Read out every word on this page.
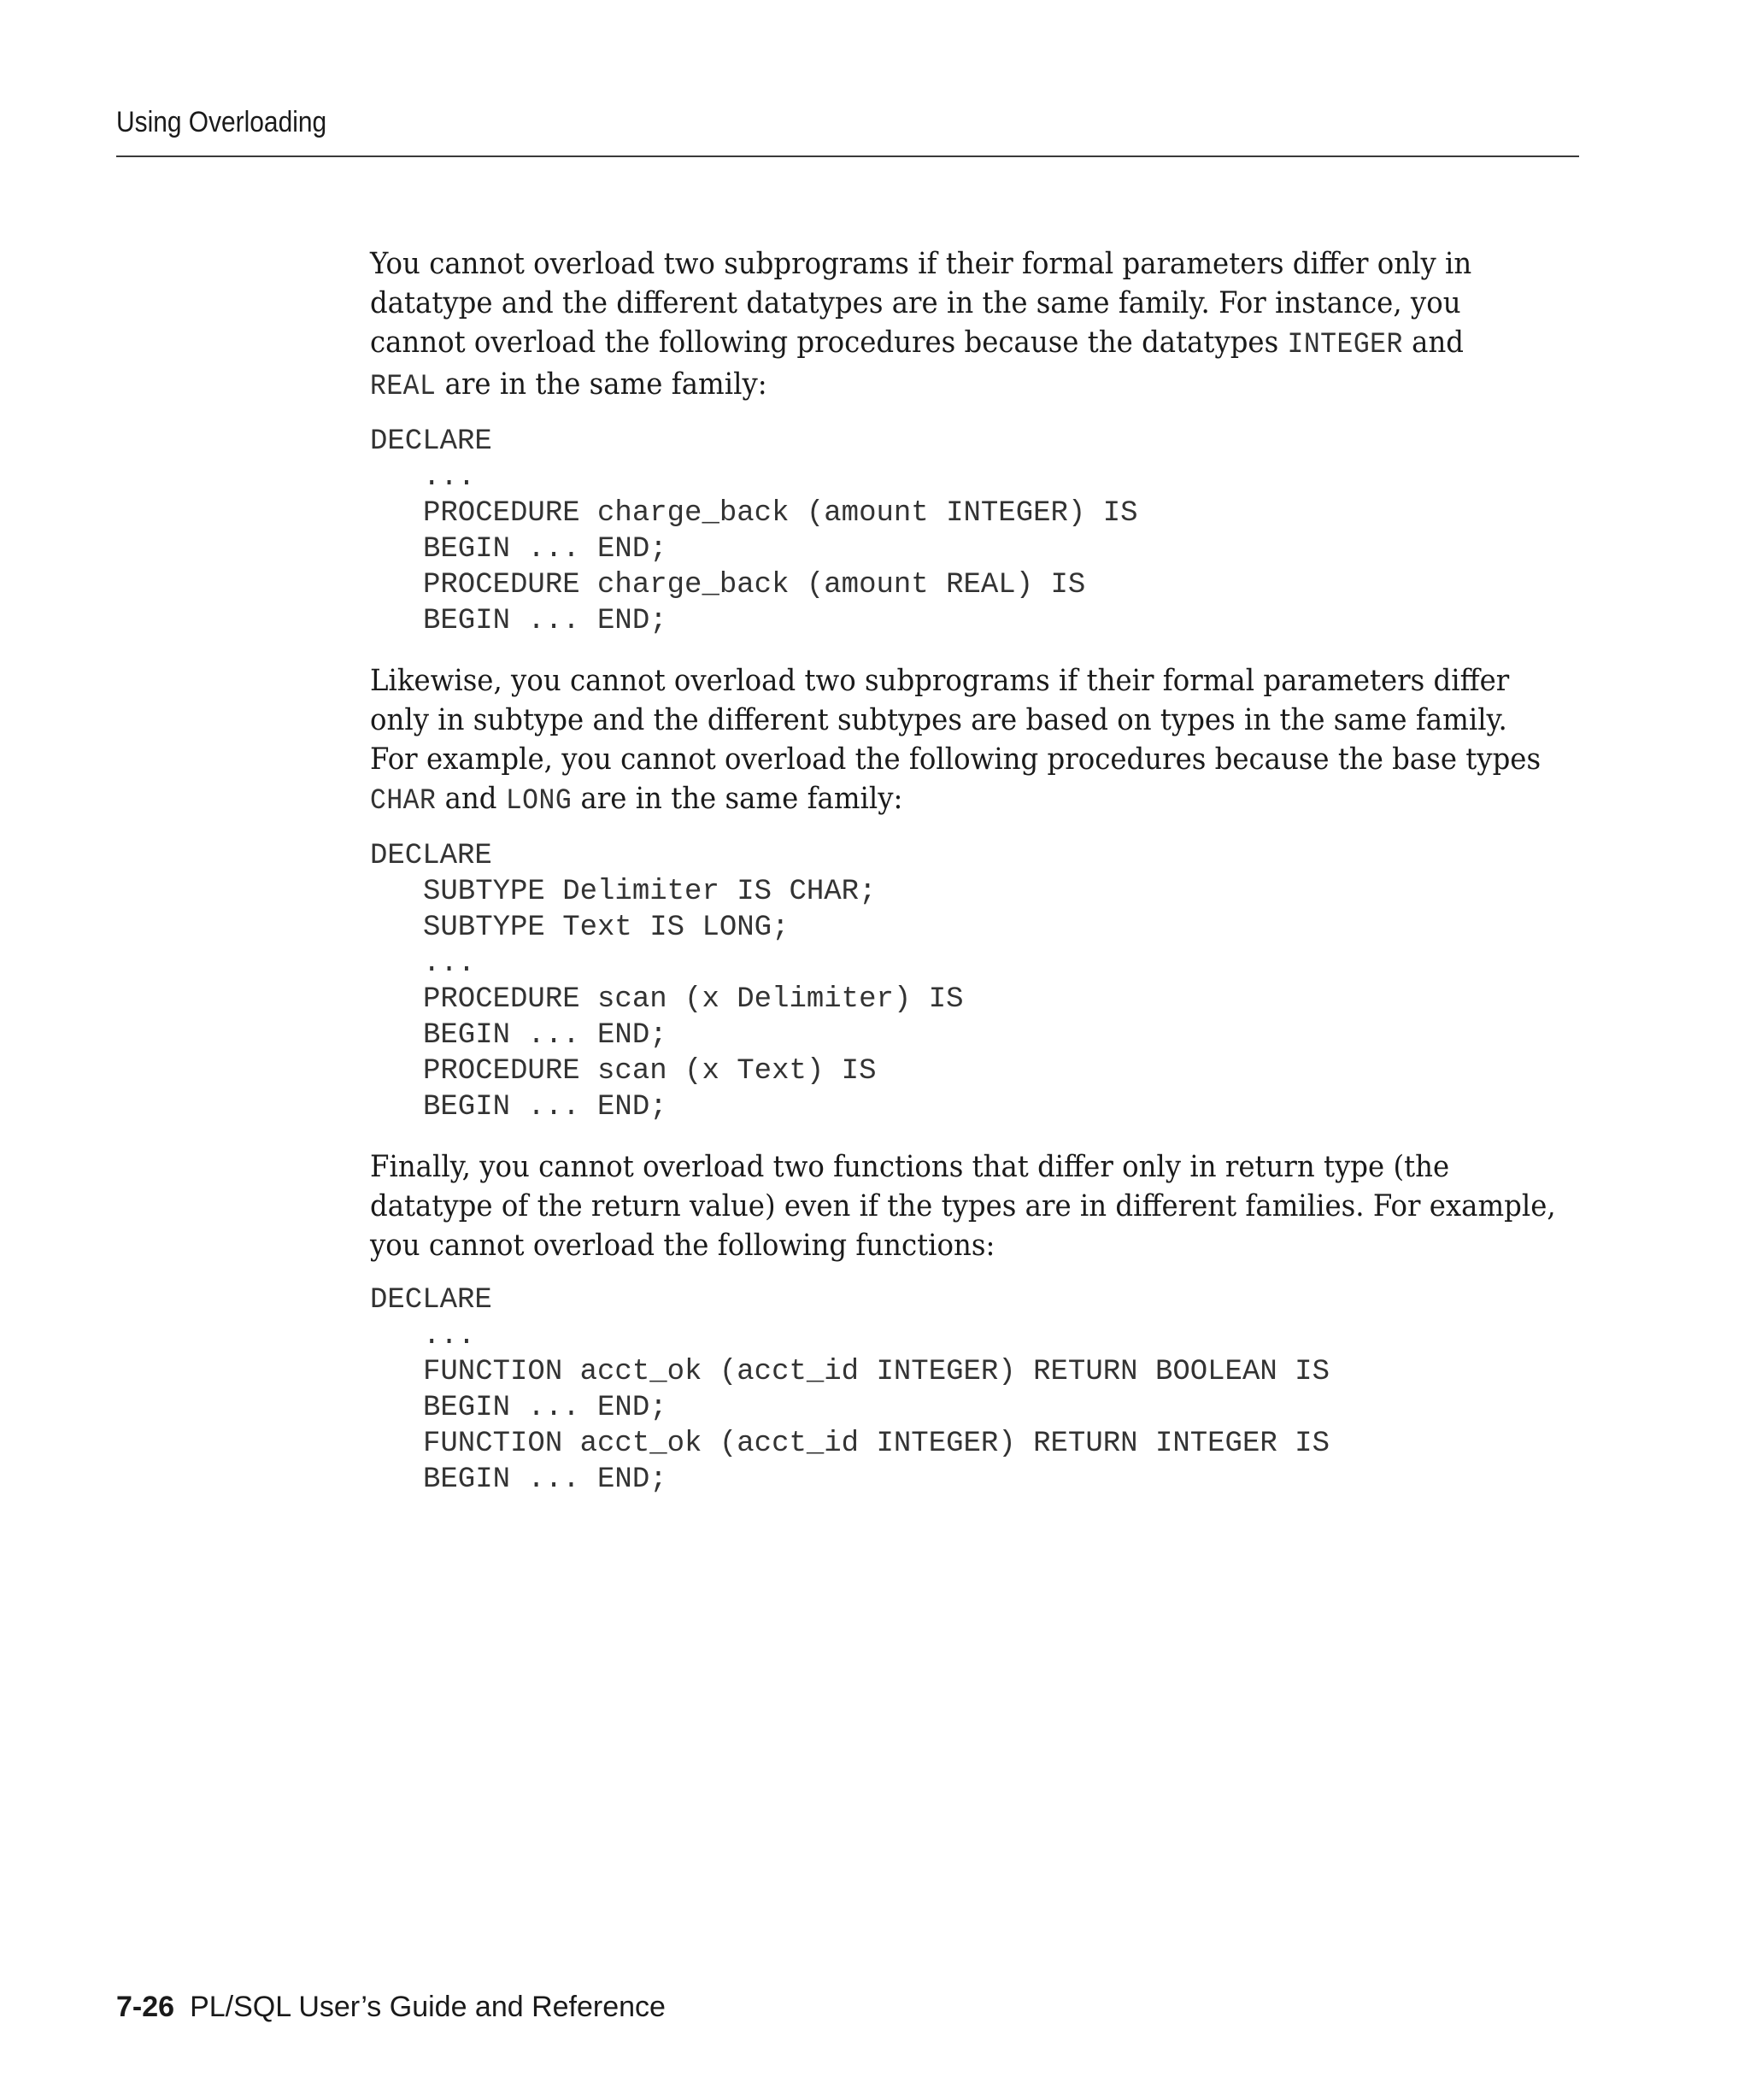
Using Overloading

You cannot overload two subprograms if their formal parameters differ only in
datatype and the different datatypes are in the same family. For instance, you
cannot overload the following procedures because the datatypes INTEGER and
REAL are in the same family:

DECLARE
...
PROCEDURE charge_back (amount INTEGER) IS
BEGIN ... END;
PROCEDURE charge_back (amount REAL) IS
BEGIN ... END;

Likewise, you cannot overload two subprograms if their formal parameters differ
only in subtype and the different subtypes are based on types in the same family.
For example, you cannot overload the following procedures because the base types
CHAR and LONG are in the same family:

DECLARE
SUBTYPE Delimiter IS CHAR;
SUBTYPE Text IS LONG;
...
PROCEDURE scan (x Delimiter) IS
BEGIN ... END;
PROCEDURE scan (x Text) IS
BEGIN ... END;

Finally, you cannot overload two functions that differ only in return type (the
datatype of the return value) even if the types are in different families. For example,
you cannot overload the following functions:

DECLARE
...
FUNCTION acct_ok (acct_id INTEGER) RETURN BOOLEAN IS
BEGIN ... END;
FUNCTION acct_ok (acct_id INTEGER) RETURN INTEGER IS
BEGIN ... END;
7-26 PL/SQL User’s Guide and Reference
